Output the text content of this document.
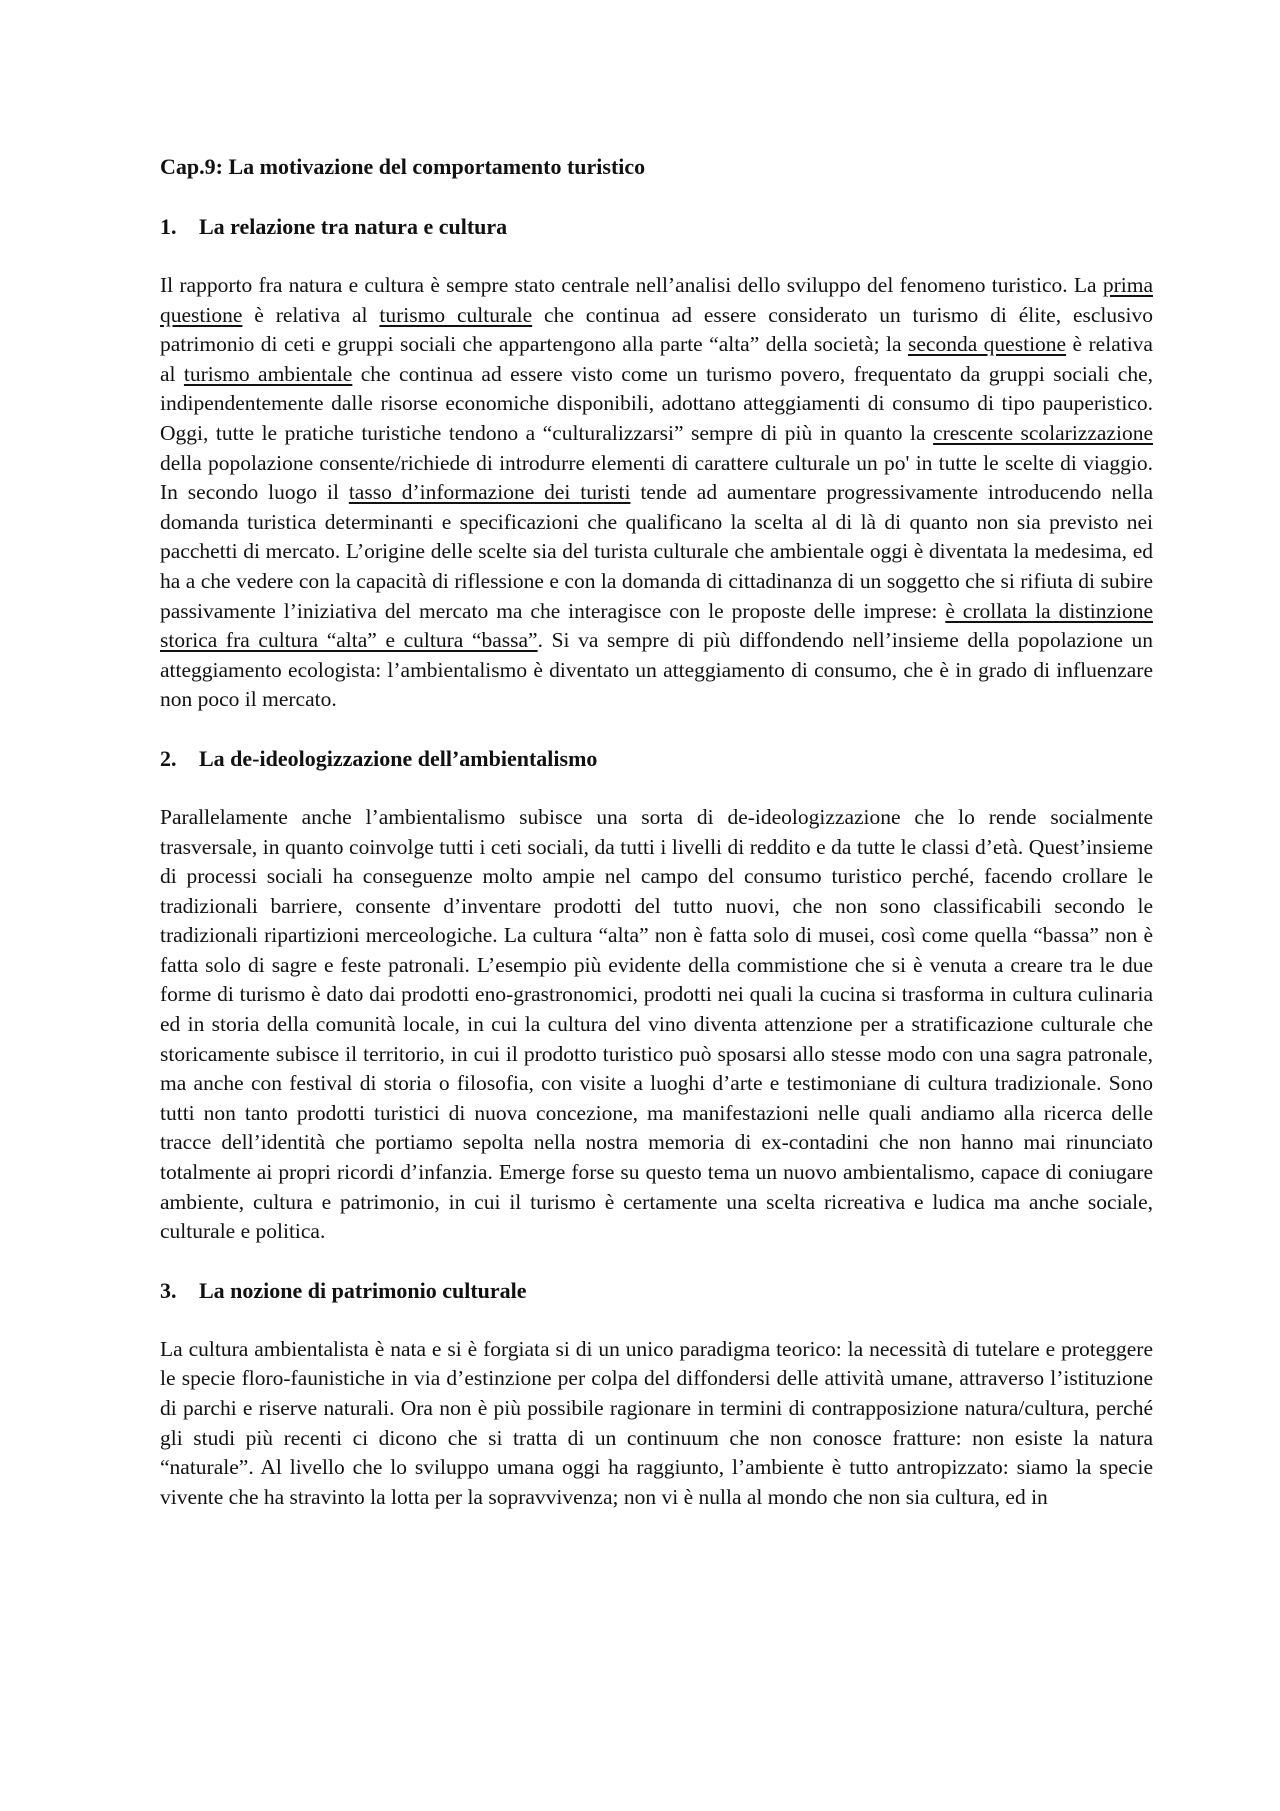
Cap.9: La motivazione del comportamento turistico
1.	La relazione tra natura e cultura

Il rapporto fra natura e cultura è sempre stato centrale nell’analisi dello sviluppo del fenomeno turistico. La prima questione è relativa al turismo culturale che continua ad essere considerato un turismo di élite, esclusivo patrimonio di ceti e gruppi sociali che appartengono alla parte “alta” della società; la seconda questione è relativa al turismo ambientale che continua ad essere visto come un turismo povero, frequentato da gruppi sociali che, indipendentemente dalle risorse economiche disponibili, adottano atteggiamenti di consumo di tipo pauperistico. Oggi, tutte le pratiche turistiche tendono a “culturalizzarsi” sempre di più in quanto la crescente scolarizzazione della popolazione consente/richiede di introdurre elementi di carattere culturale un po' in tutte le scelte di viaggio. In secondo luogo il tasso d’informazione dei turisti tende ad aumentare progressivamente introducendo nella domanda turistica determinanti e specificazioni che qualificano la scelta al di là di quanto non sia previsto nei pacchetti di mercato. L’origine delle scelte sia del turista culturale che ambientale oggi è diventata la medesima, ed ha a che vedere con la capacità di riflessione e con la domanda di cittadinanza di un soggetto che si rifiuta di subire passivamente l’iniziativa del mercato ma che interagisce con le proposte delle imprese: è crollata la distinzione storica fra cultura “alta” e cultura “bassa”. Si va sempre di più diffondendo nell’insieme della popolazione un atteggiamento ecologista: l’ambientalismo è diventato un atteggiamento di consumo, che è in grado di influenzare non poco il mercato.

2.	La de-ideologizzazione dell’ambientalismo

Parallelamente anche l’ambientalismo subisce una sorta di de-ideologizzazione che lo rende socialmente trasversale, in quanto coinvolge tutti i ceti sociali, da tutti i livelli di reddito e da tutte le classi d’età. Quest’insieme di processi sociali ha conseguenze molto ampie nel campo del consumo turistico perché, facendo crollare le tradizionali barriere, consente d’inventare prodotti del tutto nuovi, che non sono classificabili secondo le tradizionali ripartizioni merceologiche. La cultura “alta” non è fatta solo di musei, così come quella “bassa” non è fatta solo di sagre e feste patronali. L’esempio più evidente della commistione che si è venuta a creare tra le due forme di turismo è dato dai prodotti eno-grastronomici, prodotti nei quali la cucina si trasforma in cultura culinaria ed in storia della comunità locale, in cui la cultura del vino diventa attenzione per a stratificazione culturale che storicamente subisce il territorio, in cui il prodotto turistico può sposarsi allo stesse modo con una sagra patronale, ma anche con festival di storia o filosofia, con visite a luoghi d’arte e testimoniane di cultura tradizionale. Sono tutti non tanto prodotti turistici di nuova concezione, ma manifestazioni nelle quali andiamo alla ricerca delle tracce dell’identità che portiamo sepolta nella nostra memoria di ex-contadini che non hanno mai rinunciato totalmente ai propri ricordi d’infanzia. Emerge forse su questo tema un nuovo ambientalismo, capace di coniugare ambiente, cultura e patrimonio, in cui il turismo è certamente una scelta ricreativa e ludica ma anche sociale, culturale e politica.

3.	La nozione di patrimonio culturale

La cultura ambientalista è nata e si è forgiata si di un unico paradigma teorico: la necessità di tutelare e proteggere le specie floro-faunistiche in via d’estinzione per colpa del diffondersi delle attività umane, attraverso l’istituzione di parchi e riserve naturali. Ora non è più possibile ragionare in termini di contrapposizione natura/cultura, perché gli studi più recenti ci dicono che si tratta di un continuum che non conosce fratture: non esiste la natura “naturale”. Al livello che lo sviluppo umana oggi ha raggiunto, l’ambiente è tutto antropizzato: siamo la specie vivente che ha stravinto la lotta per la sopravvivenza; non vi è nulla al mondo che non sia cultura, ed in
